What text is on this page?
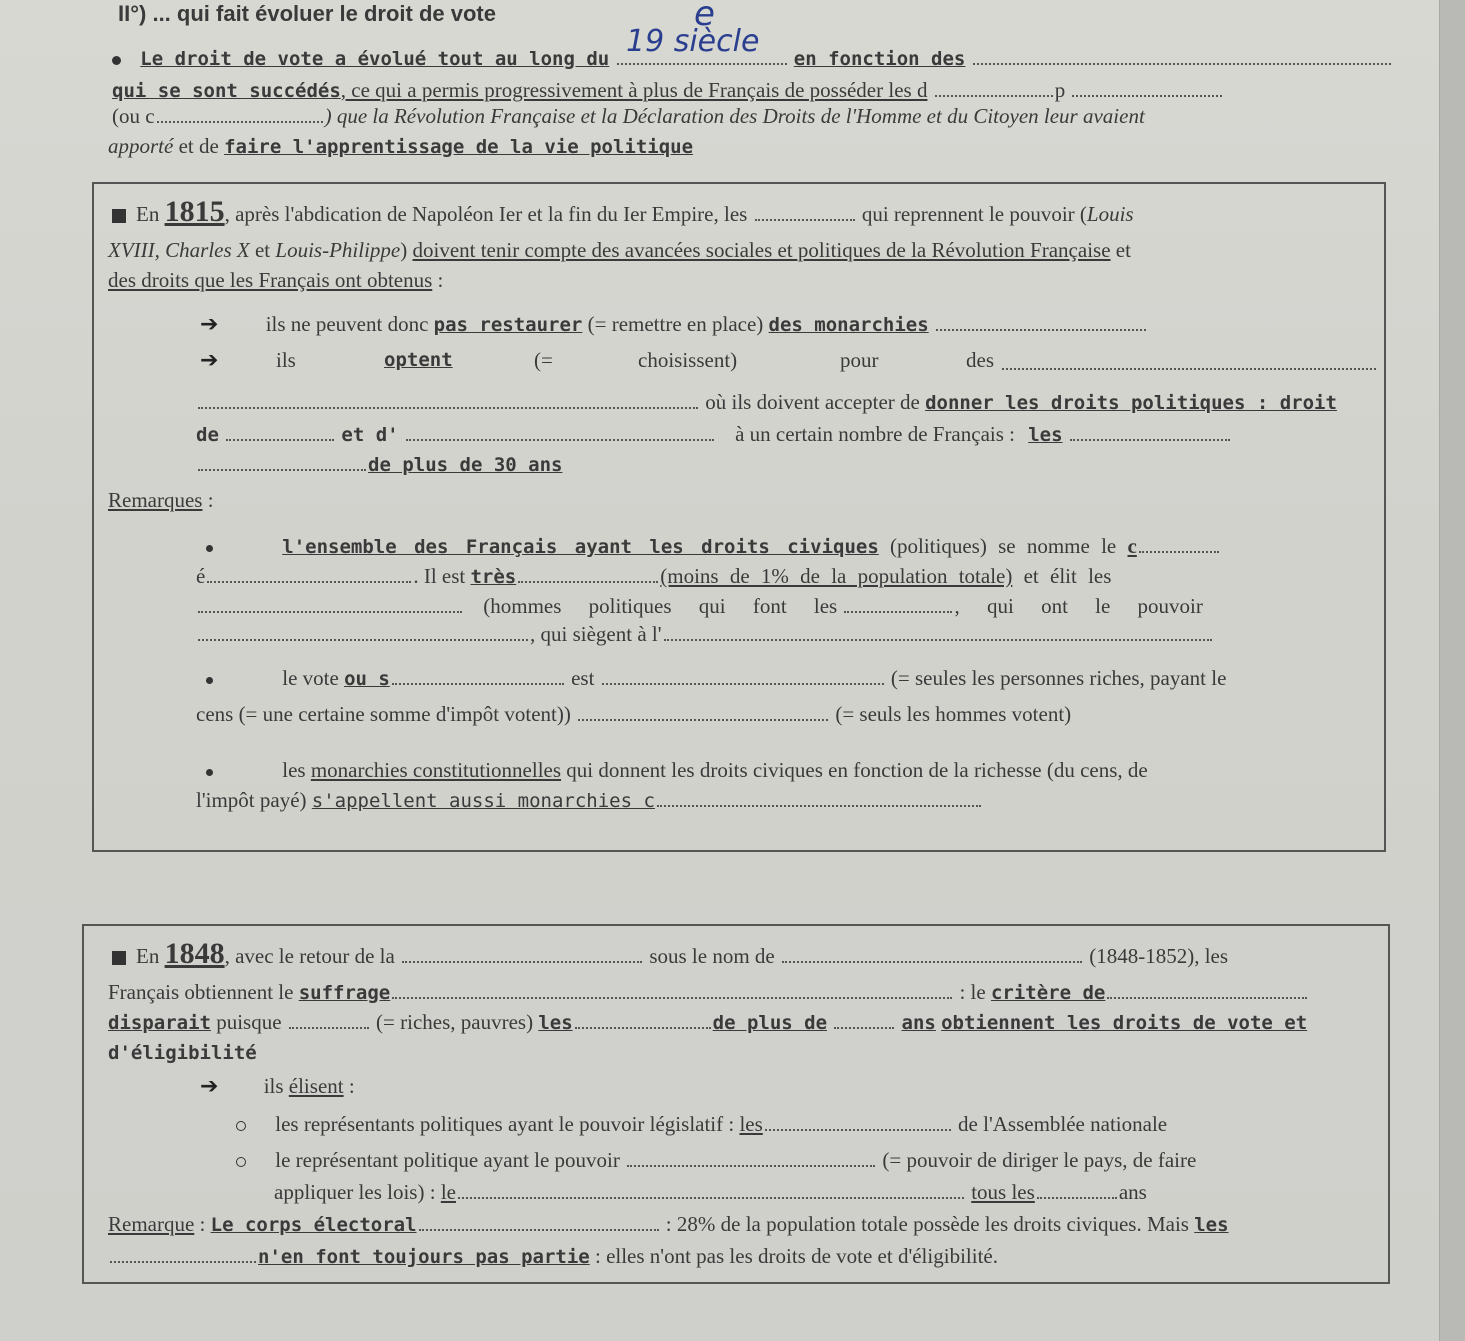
II°) ... qui fait évoluer le droit de vote	e
Le droit de vote a évolué tout au long du	en fonction des
19 siècle
qui se sont succédés, ce qui a permis progressivement à plus de Français de posséder les d	p
(ou c	) que la Révolution Française et la Déclaration des Droits de l'Homme et du Citoyen leur avaient
apporté et de faire l'apprentissage de la vie politique
En 1815, après l'abdication de Napoléon Ier et la fin du Ier Empire, les	qui reprennent le pouvoir (Louis
XVIII, Charles X et Louis-Philippe) doivent tenir compte des avancées sociales et politiques de la Révolution Française et
des droits que les Français ont obtenus :
➔ ils ne peuvent donc pas restaurer (= remettre en place) des monarchies
➔	ils	optent	(=	choisissent)	pour	des
où ils doivent accepter de donner les droits politiques : droit
de	et d'	à un certain nombre de Français : les
de plus de 30 ans
Remarques :
l'ensemble des Français ayant les droits civiques (politiques) se nomme le c
é	. Il est très	(moins de 1% de la population totale) et élit les
(hommes politiques qui font les	, qui ont le pouvoir
, qui siègent à l'
le vote ou s	est	(= seules les personnes riches, payant le
cens (= une certaine somme d'impôt votent))	(= seuls les hommes votent)
les monarchies constitutionnelles qui donnent les droits civiques en fonction de la richesse (du cens, de
l'impôt payé) s'appellent aussi monarchies c
En 1848, avec le retour de la	sous le nom de	(1848-1852), les
Français obtiennent le suffrage	: le critère de
disparait puisque	(= riches, pauvres) les	de plus de	ans obtiennent les droits de vote et
d'éligibilité
➔ ils élisent :
les représentants politiques ayant le pouvoir législatif : les	de l'Assemblée nationale
le représentant politique ayant le pouvoir	(= pouvoir de diriger le pays, de faire
appliquer les lois) : le	tous les	ans
Remarque : Le corps électoral	: 28% de la population totale possède les droits civiques. Mais les
n'en font toujours pas partie : elles n'ont pas les droits de vote et d'éligibilité.
